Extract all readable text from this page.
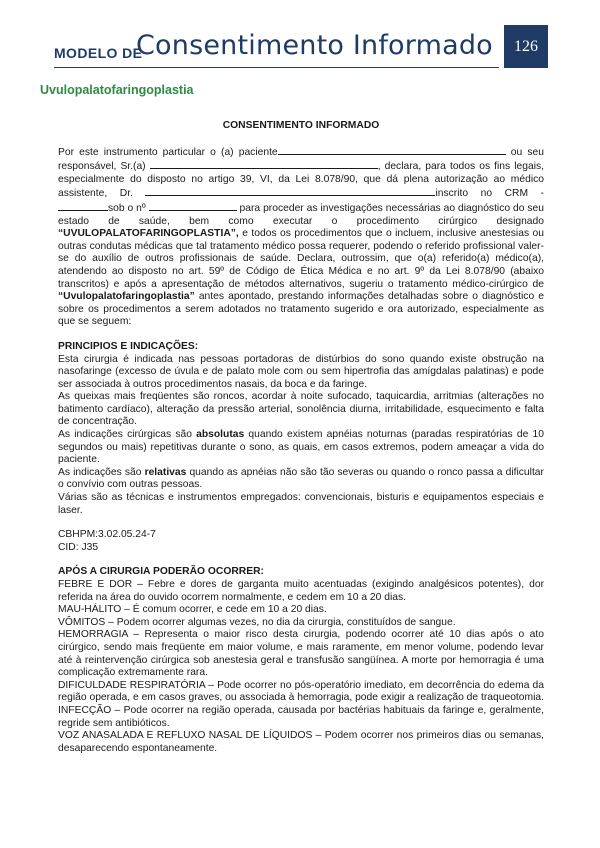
MODELO DE
Consentimento Informado 126
Uvulopalatofaringoplastia

CONSENTIMENTO INFORMADO

Por este instrumento particular o (a) paciente	ou seu responsável, Sr.(a)	, declara, para todos os fins legais, especialmente do disposto no artigo 39, VI, da Lei 8.078/90, que dá plena autorização ao médico assistente, Dr.	inscrito no CRM - sob o nº	para proceder as investigações necessárias ao diagnóstico do seu estado de saúde, bem como executar o procedimento cirúrgico designado “UVULOPALATOFARINGOPLASTIA”, e todos os procedimentos que o incluem, inclusive anestesias ou outras condutas médicas que tal tratamento médico possa requerer, podendo o referido profissional valer-se do auxílio de outros profissionais de saúde. Declara, outrossim, que o(a) referido(a) médico(a), atendendo ao disposto no art. 59º de Código de Ética Médica e no art. 9º da Lei 8.078/90 (abaixo transcritos) e após a apresentação de métodos alternativos, sugeriu o tratamento médico-cirúrgico de “Uvulopalatofaringoplastia” antes apontado, prestando informações detalhadas sobre o diagnóstico e sobre os procedimentos a serem adotados no tratamento sugerido e ora autorizado, especialmente as que se seguem:

PRINCIPIOS E INDICAÇÕES:

Esta cirurgia é indicada nas pessoas portadoras de distúrbios do sono quando existe obstrução na nasofaringe (excesso de úvula e de palato mole com ou sem hipertrofia das amígdalas palatinas) e pode ser associada à outros procedimentos nasais, da boca e da faringe.

As queixas mais freqüentes são roncos, acordar à noite sufocado, taquicardia, arritmias (alterações no batimento cardíaco), alteração da pressão arterial, sonolência diurna, irritabilidade, esquecimento e falta de concentração.

As indicações cirúrgicas são absolutas quando existem apnéias noturnas (paradas respiratórias de 10 segundos ou mais) repetitivas durante o sono, as quais, em casos extremos, podem ameaçar a vida do paciente.

As indicações são relativas quando as apnéias não são tão severas ou quando o ronco passa a dificultar o convívio com outras pessoas.

Várias são as técnicas e instrumentos empregados: convencionais, bisturis e equipamentos especiais e laser.

CBHPM:3.02.05.24-7

CID: J35

APÓS A CIRURGIA PODERÃO OCORRER:

FEBRE E DOR – Febre e dores de garganta muito acentuadas (exigindo analgésicos potentes), dor referida na área do ouvido ocorrem normalmente, e cedem em 10 a 20 dias.

MAU-HÁLITO – É comum ocorrer, e cede em 10 a 20 dias.

VÔMITOS – Podem ocorrer algumas vezes, no dia da cirurgia, constituídos de sangue.

HEMORRAGIA – Representa o maior risco desta cirurgia, podendo ocorrer até 10 dias após o ato cirúrgico, sendo mais freqüente em maior volume, e mais raramente, em menor volume, podendo levar até à reintervenção cirúrgica sob anestesia geral e transfusão sangüínea. A morte por hemorragia é uma complicação extremamente rara.

DIFICULDADE RESPIRATÓRIA – Pode ocorrer no pós-operatório imediato, em decorrência do edema da região operada, e em casos graves, ou associada à hemorragia, pode exigir a realização de traqueotomia.

INFECÇÃO – Pode ocorrer na região operada, causada por bactérias habituais da faringe e, geralmente, regride sem antibióticos.

VOZ ANASALADA E REFLUXO NASAL DE LÍQUIDOS – Podem ocorrer nos primeiros dias ou semanas, desaparecendo espontaneamente.
